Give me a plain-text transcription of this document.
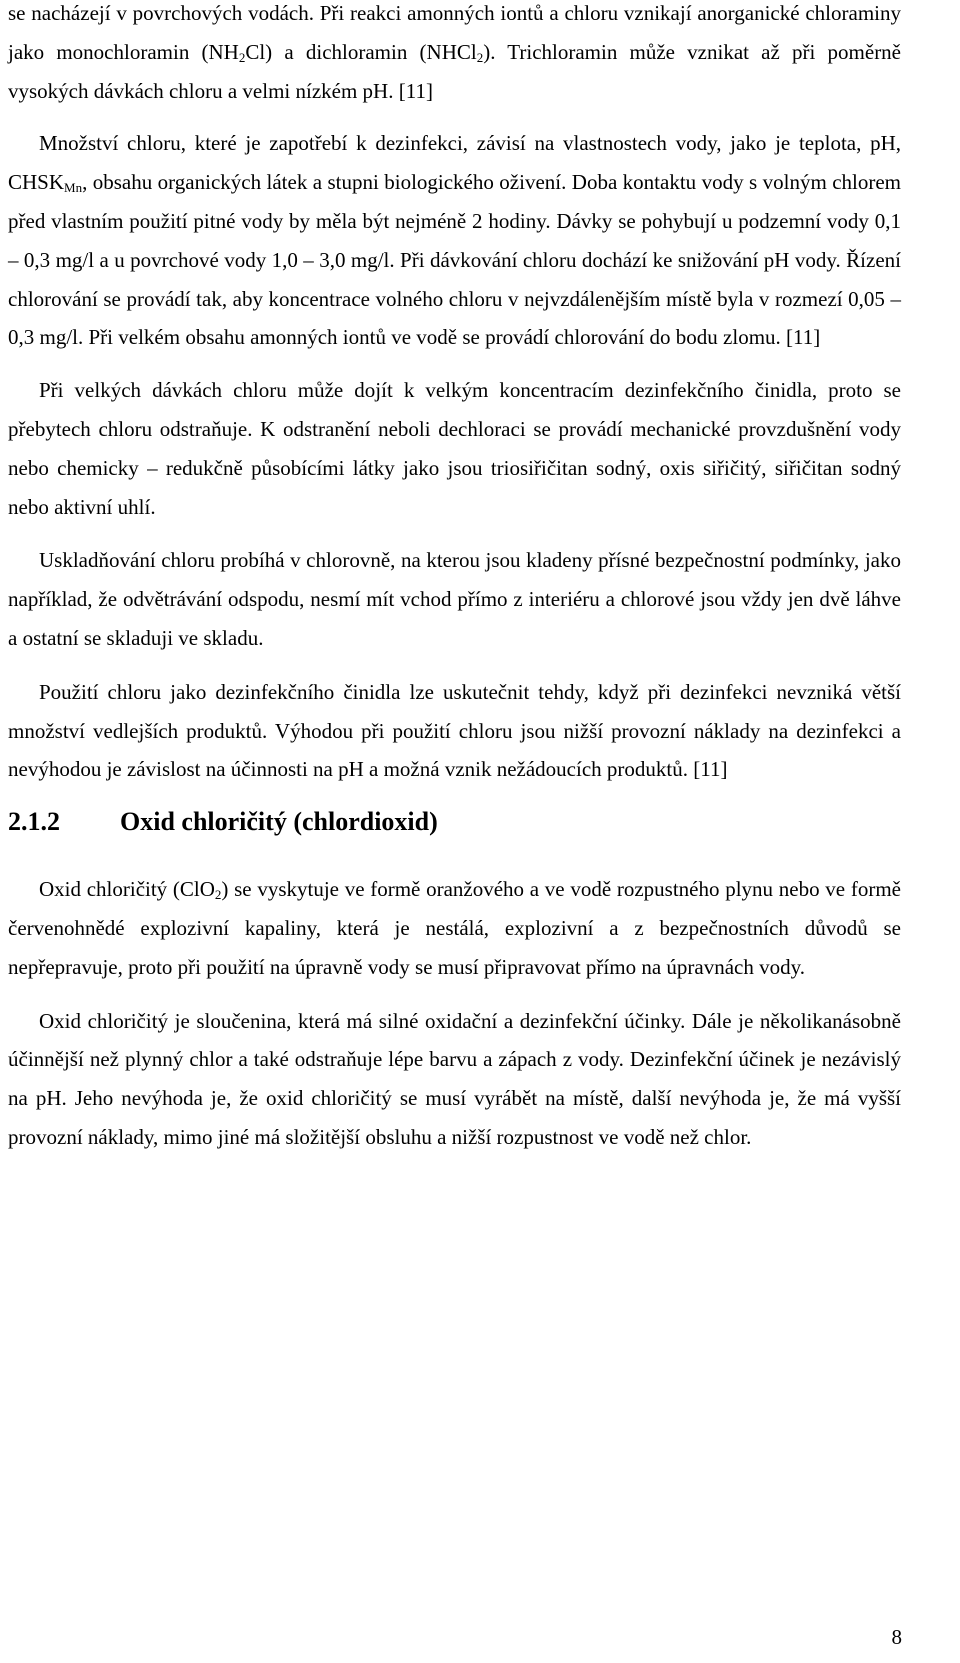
se nacházejí v povrchových vodách. Při reakci amonných iontů a chloru vznikají anorganické chloraminy jako monochloramin $(NH_2Cl)$ a dichloramin (NHCl$_2$). Trichloramin může vznikat až při poměrně vysokých dávkách chloru a velmi nízkém pH. [11]

Množství chloru, které je zapotřebí k dezinfekci, závisí na vlastnostech vody, jako je teplota, pH, $CHSK_{Mn}$, obsahu organických látek a stupni biologického oživení. Doba kontaktu vody s volným chlorem před vlastním použití pitné vody by měla být nejméně 2 hodiny. Dávky se pohybují u podzemní vody 0,1 – 0,3 mg/l a u povrchové vody 1,0 – 3,0 mg/l. Při dávkování chloru dochází ke snižování pH vody. Řízení chlorování se provádí tak, aby koncentrace volného chloru v nejvzdálenějším místě byla v rozmezí 0,05 – 0,3 mg/l. Při velkém obsahu amonných iontů ve vodě se provádí chlorování do bodu zlomu. [11]

Při velkých dávkách chloru může dojít k velkým koncentracím dezinfekčního činidla, proto se přebytech chloru odstraňuje. K odstranění neboli dechloraci se provádí mechanické provzdušnění vody nebo chemicky – redukčně působícími látky jako jsou triosiřičitan sodný, oxis siřičitý, siřičitan sodný nebo aktivní uhlí.

Uskladňování chloru probíhá v chlorovně, na kterou jsou kladeny přísné bezpečnostní podmínky, jako například, že odvětrávání odspodu, nesmí mít vchod přímo z interiéru a chlorové jsou vždy jen dvě láhve a ostatní se skladuji ve skladu.

Použití chloru jako dezinfekčního činidla lze uskutečnit tehdy, když při dezinfekci nevzniká větší množství vedlejších produktů. Výhodou při použití chloru jsou nižší provozní náklady na dezinfekci a nevýhodou je závislost na účinnosti na pH a možná vznik nežádoucích produktů. [11]

2.1.2 Oxid chloričitý (chlordioxid)

Oxid chloričitý (ClO$_2$) se vyskytuje ve formě oranžového a ve vodě rozpustného plynu nebo ve formě červenohnědé explozivní kapaliny, která je nestálá, explozivní a z bezpečnostních důvodů se nepřepravuje, proto při použití na úpravně vody se musí připravovat přímo na úpravnách vody.

Oxid chloričitý je sloučenina, která má silné oxidační a dezinfekční účinky. Dále je několikanásobně účinnější než plynný chlor a také odstraňuje lépe barvu a zápach z vody. Dezinfekční účinek je nezávislý na pH. Jeho nevýhoda je, že oxid chloričitý se musí vyrábět na místě, další nevýhoda je, že má vyšší provozní náklady, mimo jiné má složitější obsluhu a nižší rozpustnost ve vodě než chlor.

8
